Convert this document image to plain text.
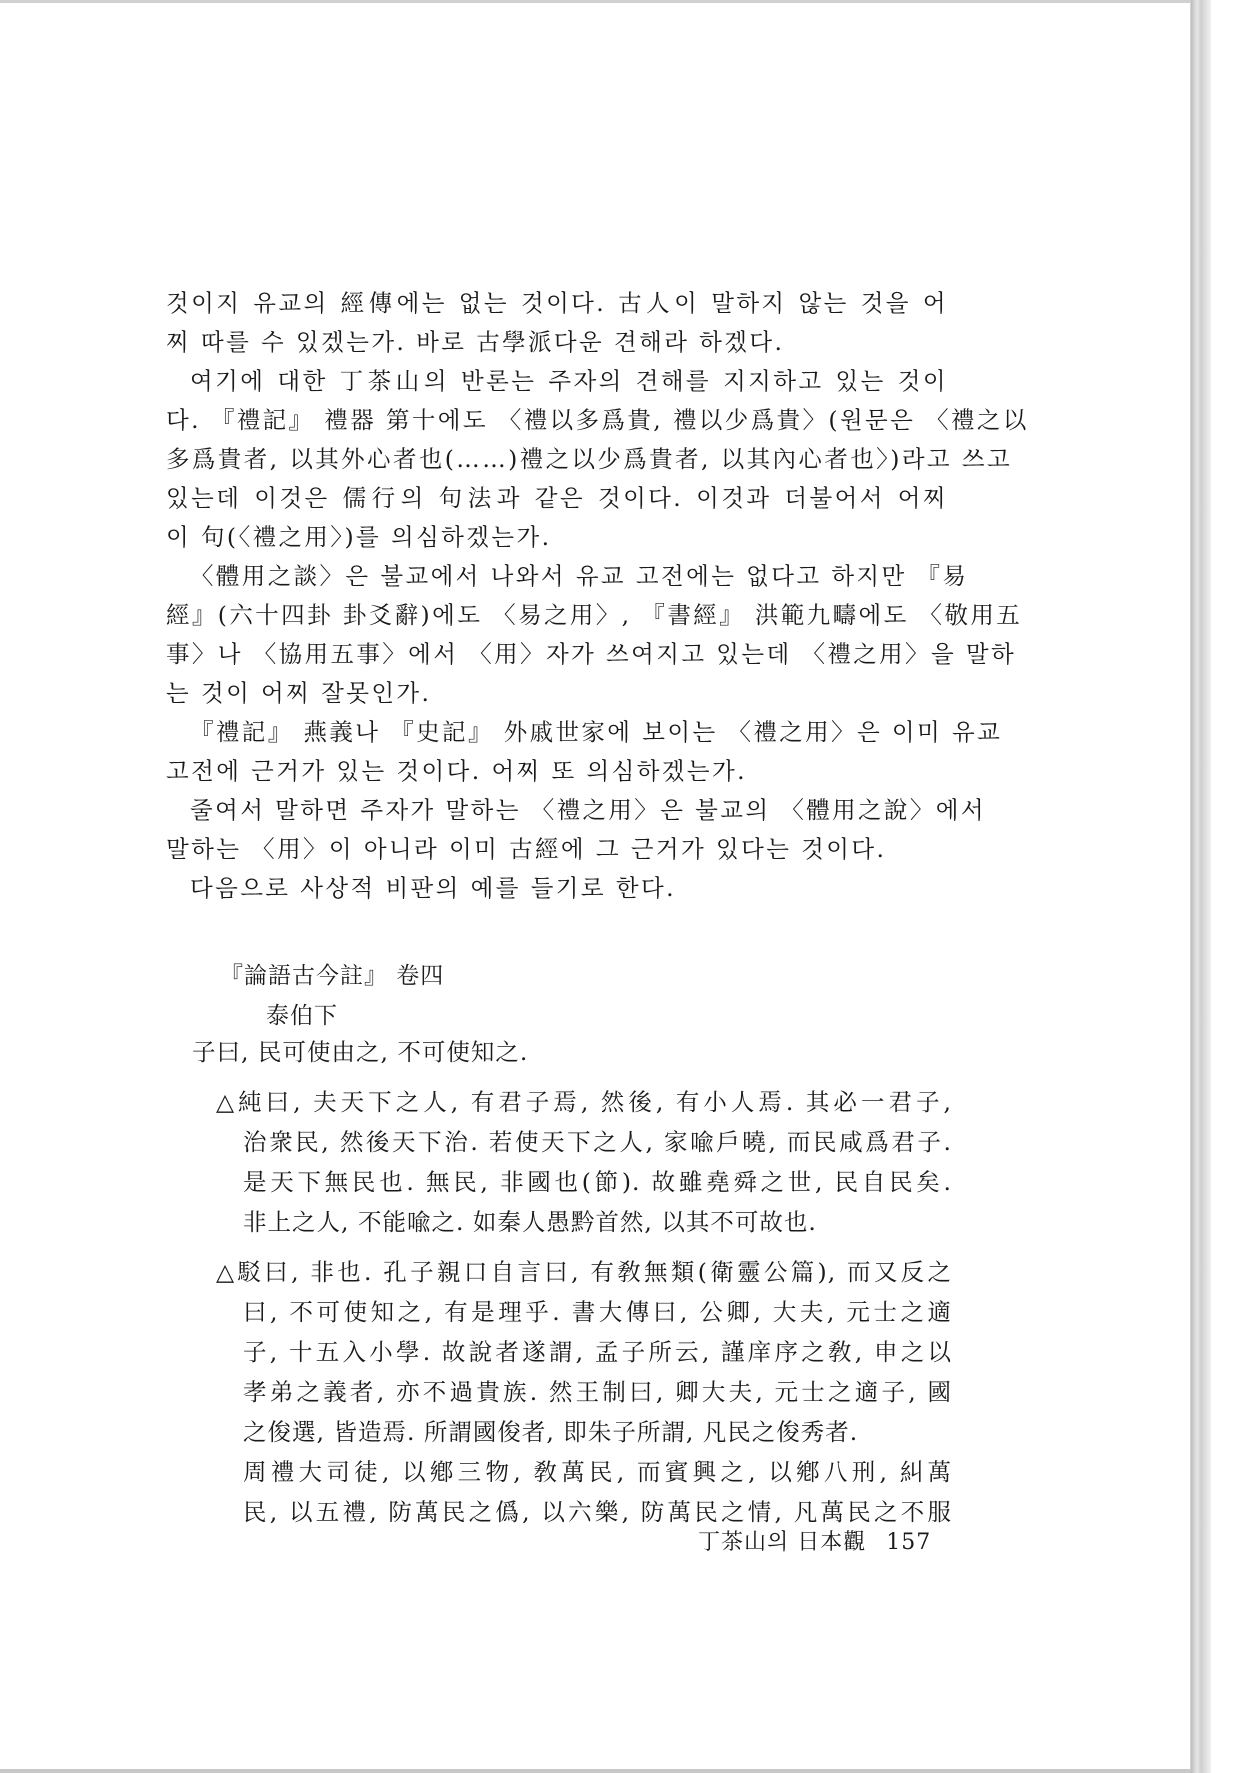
것이지 유교의 經傳에는 없는 것이다. 古人이 말하지 않는 것을 어
찌 따를 수 있겠는가. 바로 古學派다운 견해라 하겠다.
여기에 대한 丁茶山의 반론는 주자의 견해를 지지하고 있는 것이
다. 『禮記』 禮器 第十에도 〈禮以多爲貴, 禮以少爲貴〉(원문은 〈禮之以
多爲貴者, 以其外心者也(……)禮之以少爲貴者, 以其內心者也〉)라고 쓰고
있는데 이것은 儒行의 句法과 같은 것이다. 이것과 더불어서 어찌
이 句(〈禮之用〉)를 의심하겠는가.
〈體用之談〉은 불교에서 나와서 유교 고전에는 없다고 하지만 『易
經』(六十四卦 卦爻辭)에도 〈易之用〉, 『書經』 洪範九疇에도 〈敬用五
事〉나 〈協用五事〉에서 〈用〉자가 쓰여지고 있는데 〈禮之用〉을 말하
는 것이 어찌 잘못인가.
『禮記』 燕義나 『史記』 外戚世家에 보이는 〈禮之用〉은 이미 유교
고전에 근거가 있는 것이다. 어찌 또 의심하겠는가.
줄여서 말하면 주자가 말하는 〈禮之用〉은 불교의 〈體用之說〉에서
말하는 〈用〉이 아니라 이미 古經에 그 근거가 있다는 것이다.
다음으로 사상적 비판의 예를 들기로 한다.
『論語古今註』 卷四
泰伯下
子曰, 民可使由之, 不可使知之.
△純曰, 夫天下之人, 有君子焉, 然後, 有小人焉. 其必一君子,
治衆民, 然後天下治. 若使天下之人, 家喩戶曉, 而民咸爲君子.
是天下無民也. 無民, 非國也(節). 故雖堯舜之世, 民自民矣.
非上之人, 不能喩之. 如秦人愚黔首然, 以其不可故也.
△駁曰, 非也. 孔子親口自言曰, 有敎無類(衛靈公篇), 而又反之
曰, 不可使知之, 有是理乎. 書大傳曰, 公卿, 大夫, 元士之適
子, 十五入小學. 故說者遂謂, 孟子所云, 謹庠序之敎, 申之以
孝弟之義者, 亦不過貴族. 然王制曰, 卿大夫, 元士之適子, 國
之俊選, 皆造焉. 所謂國俊者, 即朱子所謂, 凡民之俊秀者.
周禮大司徒, 以鄕三物, 敎萬民, 而賓興之, 以鄕八刑, 糾萬
民, 以五禮, 防萬民之僞, 以六樂, 防萬民之情, 凡萬民之不服
丁茶山의 日本觀 157
